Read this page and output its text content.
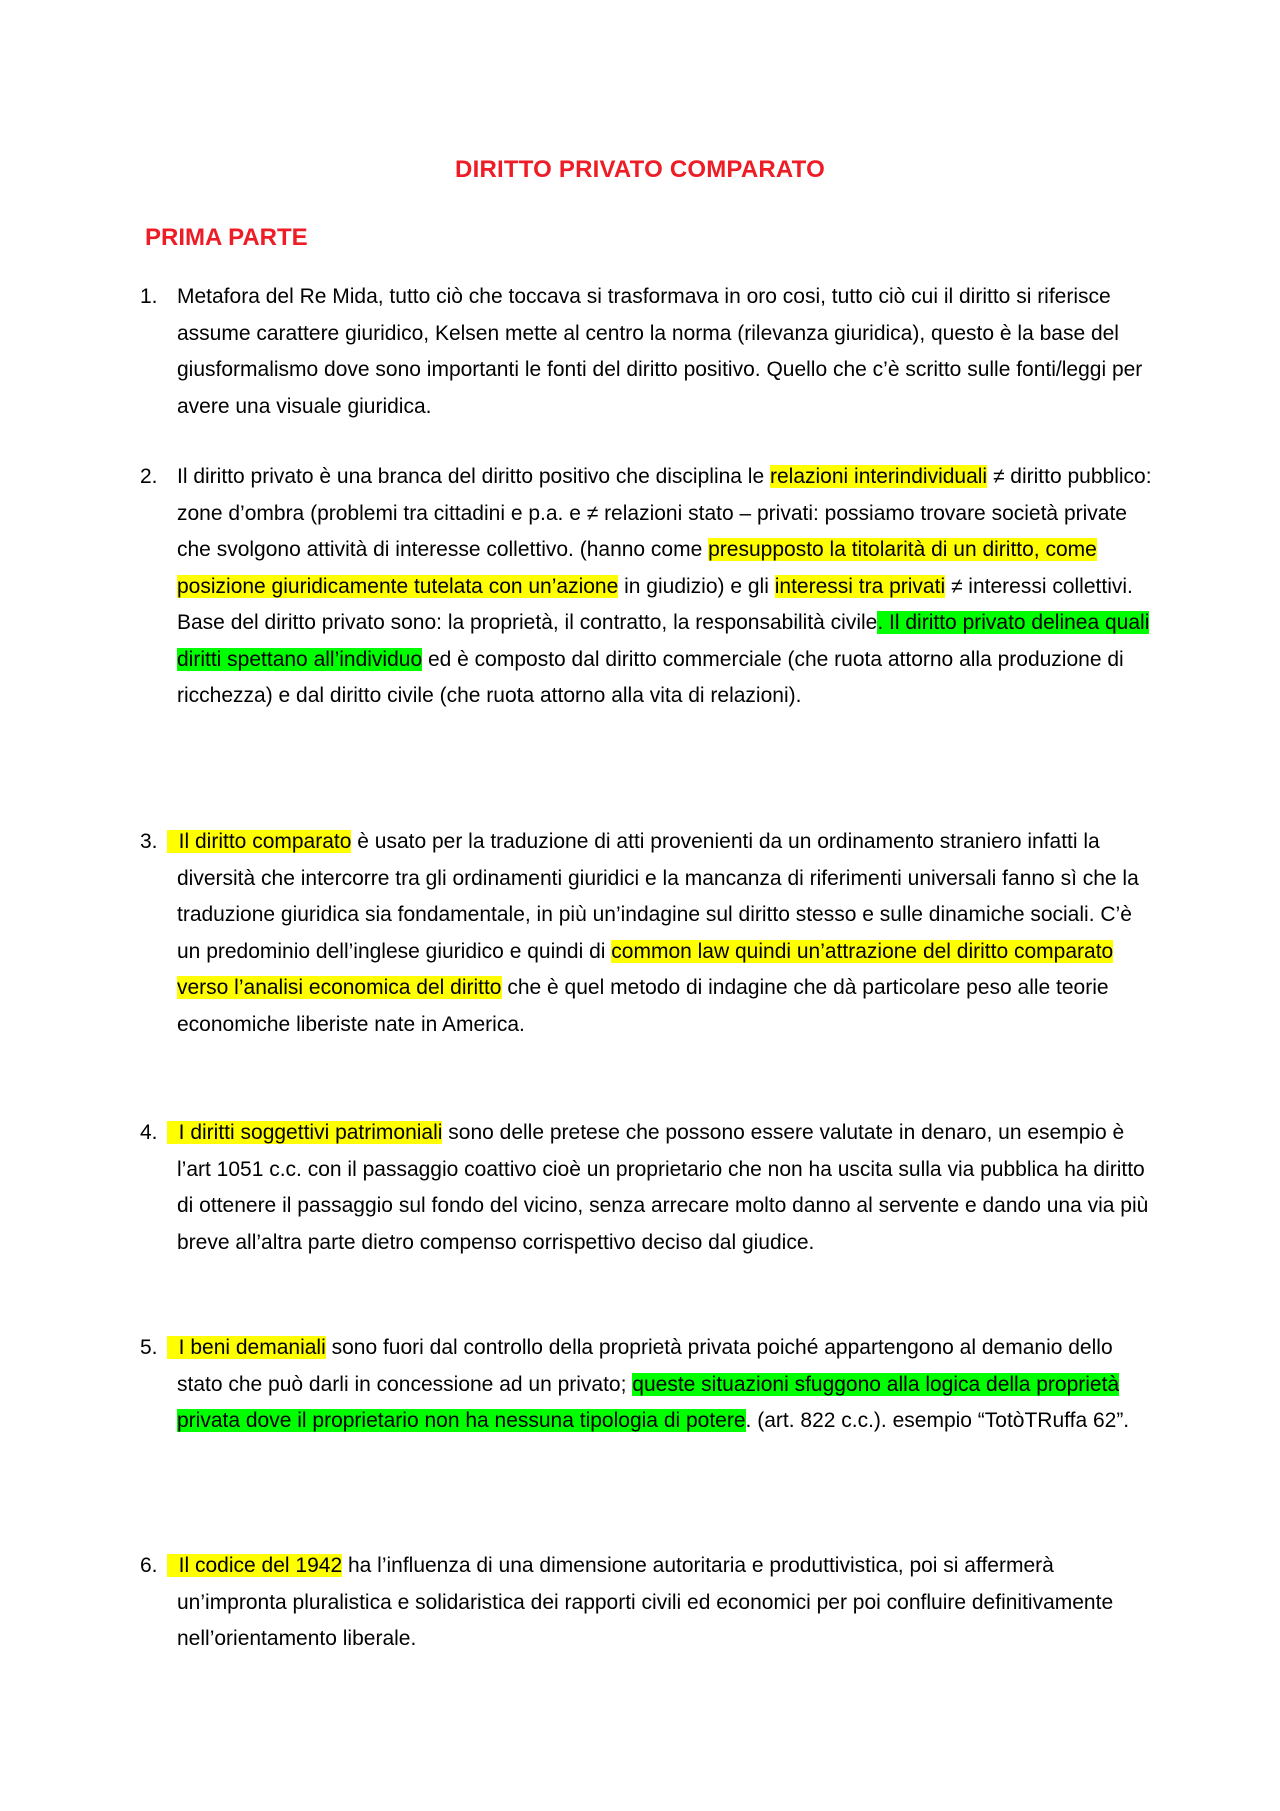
DIRITTO PRIVATO COMPARATO
PRIMA PARTE
1. Metafora del Re Mida, tutto ciò che toccava si trasformava in oro cosi, tutto ciò cui il diritto si riferisce assume carattere giuridico, Kelsen mette al centro la norma (rilevanza giuridica), questo è la base del giusformalismo dove sono importanti le fonti del diritto positivo. Quello che c’è scritto sulle fonti/leggi per avere una visuale giuridica.
2. Il diritto privato è una branca del diritto positivo che disciplina le relazioni interindividuali ≠ diritto pubblico: zone d’ombra (problemi tra cittadini e p.a. e ≠ relazioni stato – privati: possiamo trovare società private che svolgono attività di interesse collettivo. (hanno come presupposto la titolarità di un diritto, come posizione giuridicamente tutelata con un’azione in giudizio) e gli interessi tra privati ≠ interessi collettivi. Base del diritto privato sono: la proprietà, il contratto, la responsabilità civile. Il diritto privato delinea quali diritti spettano all’individuo ed è composto dal diritto commerciale (che ruota attorno alla produzione di ricchezza) e dal diritto civile (che ruota attorno alla vita di relazioni).
3. Il diritto comparato è usato per la traduzione di atti provenienti da un ordinamento straniero infatti la diversità che intercorre tra gli ordinamenti giuridici e la mancanza di riferimenti universali fanno sì che la traduzione giuridica sia fondamentale, in più un’indagine sul diritto stesso e sulle dinamiche sociali. C’è un predominio dell’inglese giuridico e quindi di common law quindi un’attrazione del diritto comparato verso l’analisi economica del diritto che è quel metodo di indagine che dà particolare peso alle teorie economiche liberiste nate in America.
4. I diritti soggettivi patrimoniali sono delle pretese che possono essere valutate in denaro, un esempio è l’art 1051 c.c. con il passaggio coattivo cioè un proprietario che non ha uscita sulla via pubblica ha diritto di ottenere il passaggio sul fondo del vicino, senza arrecare molto danno al servente e dando una via più breve all’altra parte dietro compenso corrispettivo deciso dal giudice.
5. I beni demaniali sono fuori dal controllo della proprietà privata poiché appartengono al demanio dello stato che può darli in concessione ad un privato; queste situazioni sfuggono alla logica della proprietà privata dove il proprietario non ha nessuna tipologia di potere. (art. 822 c.c.). esempio “TotòTRuffa 62”.
6. Il codice del 1942 ha l’influenza di una dimensione autoritaria e produttivistica, poi si affermerà un’impronta pluralistica e solidaristica dei rapporti civili ed economici per poi confluire definitivamente nell’orientamento liberale.
